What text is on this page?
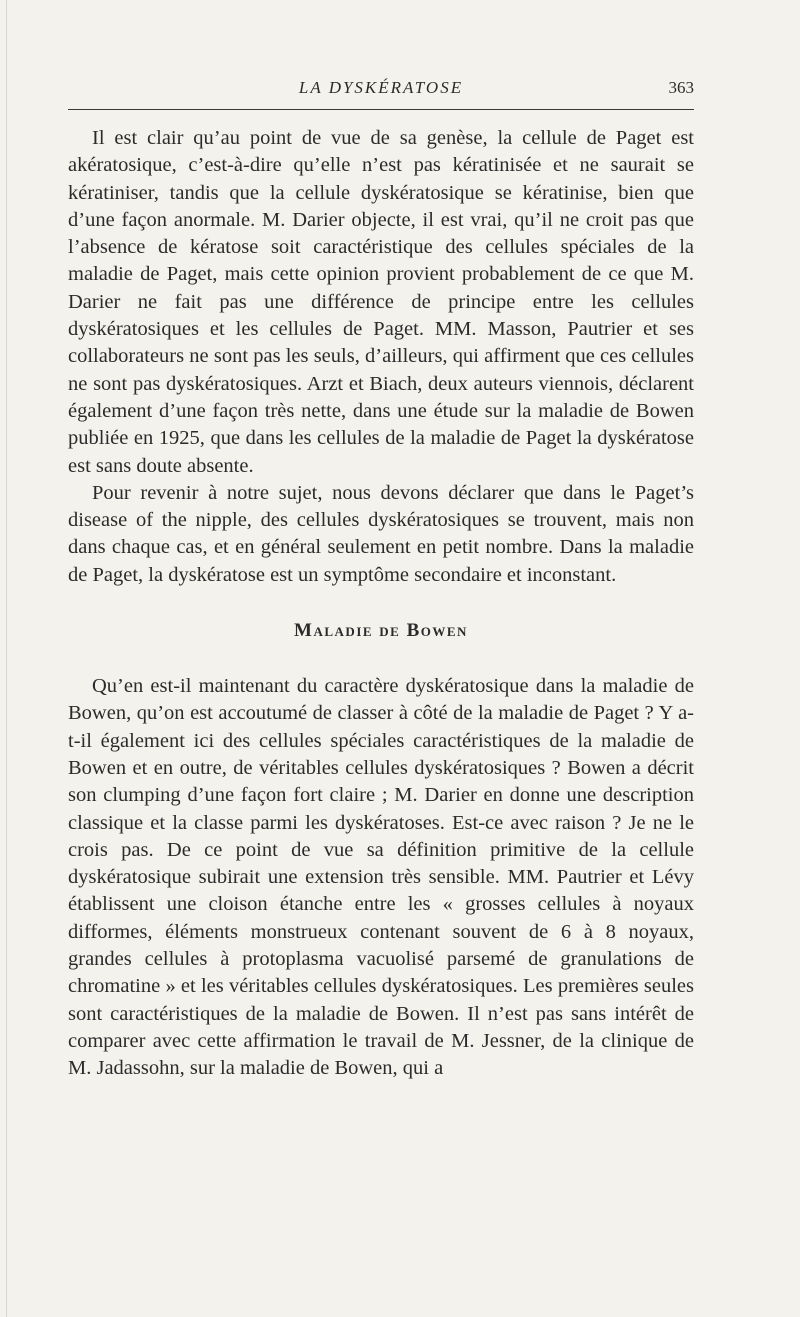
LA DYSKÉRATOSE	363

Il est clair qu’au point de vue de sa genèse, la cellule de Paget est akératosique, c’est-à-dire qu’elle n’est pas kératinisée et ne saurait se kératiniser, tandis que la cellule dyskératosique se kératinise, bien que d’une façon anormale. M. Darier objecte, il est vrai, qu’il ne croit pas que l’absence de kératose soit caractéristique des cellules spéciales de la maladie de Paget, mais cette opinion provient probablement de ce que M. Darier ne fait pas une différence de principe entre les cellules dyskératosiques et les cellules de Paget. MM. Masson, Pautrier et ses collaborateurs ne sont pas les seuls, d’ailleurs, qui affirment que ces cellules ne sont pas dyskératosiques. Arzt et Biach, deux auteurs viennois, déclarent également d’une façon très nette, dans une étude sur la maladie de Bowen publiée en 1925, que dans les cellules de la maladie de Paget la dyskératose est sans doute absente.

Pour revenir à notre sujet, nous devons déclarer que dans le Paget’s disease of the nipple, des cellules dyskératosiques se trouvent, mais non dans chaque cas, et en général seulement en petit nombre. Dans la maladie de Paget, la dyskératose est un symptôme secondaire et inconstant.

Maladie de Bowen

Qu’en est-il maintenant du caractère dyskératosique dans la maladie de Bowen, qu’on est accoutumé de classer à côté de la maladie de Paget ? Y a-t-il également ici des cellules spéciales caractéristiques de la maladie de Bowen et en outre, de véritables cellules dyskératosiques ? Bowen a décrit son clumping d’une façon fort claire ; M. Darier en donne une description classique et la classe parmi les dyskératoses. Est-ce avec raison ? Je ne le crois pas. De ce point de vue sa définition primitive de la cellule dyskératosique subirait une extension très sensible. MM. Pautrier et Lévy établissent une cloison étanche entre les « grosses cellules à noyaux difformes, éléments monstrueux contenant souvent de 6 à 8 noyaux, grandes cellules à protoplasma vacuolisé parsemé de granulations de chromatine » et les véritables cellules dyskératosiques. Les premières seules sont caractéristiques de la maladie de Bowen. Il n’est pas sans intérêt de comparer avec cette affirmation le travail de M. Jessner, de la clinique de M. Jadassohn, sur la maladie de Bowen, qui a
